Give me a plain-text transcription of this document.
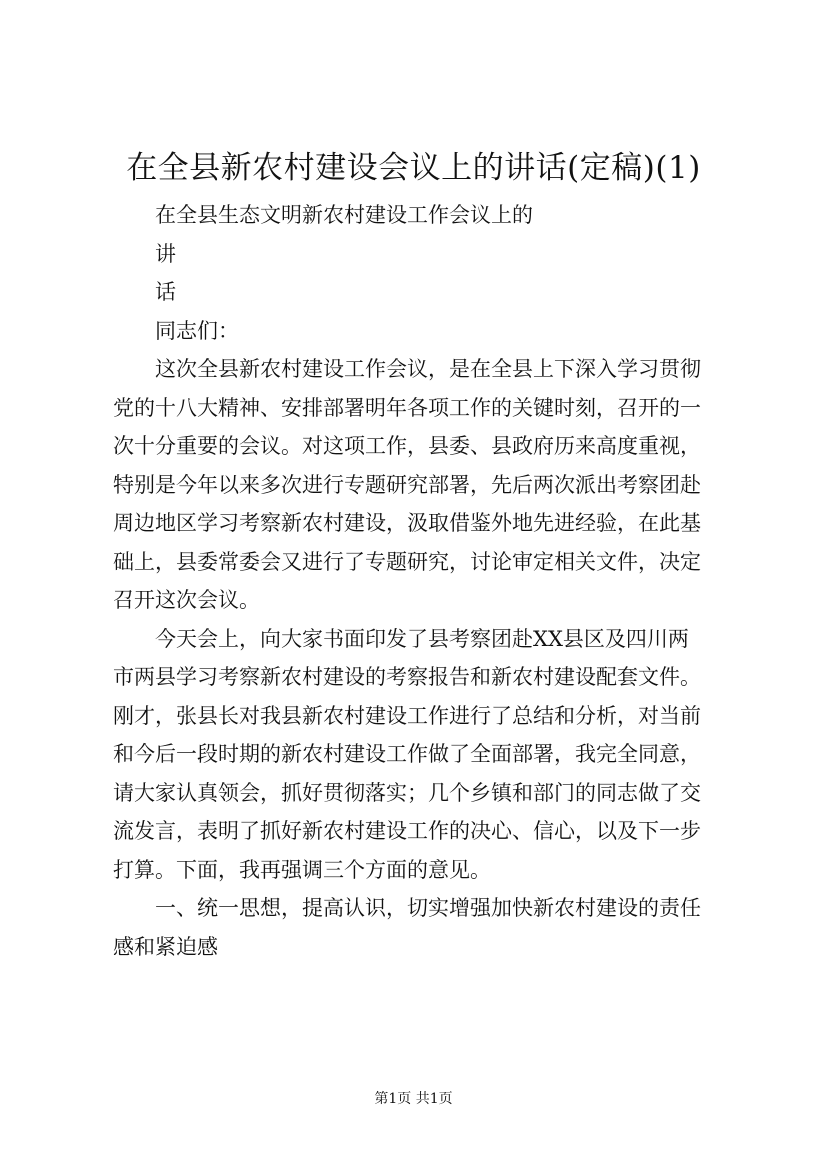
在全县新农村建设会议上的讲话(定稿)(1)
在全县生态文明新农村建设工作会议上的
讲
话
同志们：
这次全县新农村建设工作会议，是在全县上下深入学习贯彻
党的十八大精神、安排部署明年各项工作的关键时刻，召开的一
次十分重要的会议。对这项工作，县委、县政府历来高度重视，
特别是今年以来多次进行专题研究部署，先后两次派出考察团赴
周边地区学习考察新农村建设，汲取借鉴外地先进经验，在此基
础上，县委常委会又进行了专题研究，讨论审定相关文件，决定
召开这次会议。
今天会上，向大家书面印发了县考察团赴XX县区及四川两
市两县学习考察新农村建设的考察报告和新农村建设配套文件。
刚才，张县长对我县新农村建设工作进行了总结和分析，对当前
和今后一段时期的新农村建设工作做了全面部署，我完全同意，
请大家认真领会，抓好贯彻落实；几个乡镇和部门的同志做了交
流发言，表明了抓好新农村建设工作的决心、信心，以及下一步
打算。下面，我再强调三个方面的意见。
一、统一思想，提高认识，切实增强加快新农村建设的责任
感和紧迫感
第1页 共1页
